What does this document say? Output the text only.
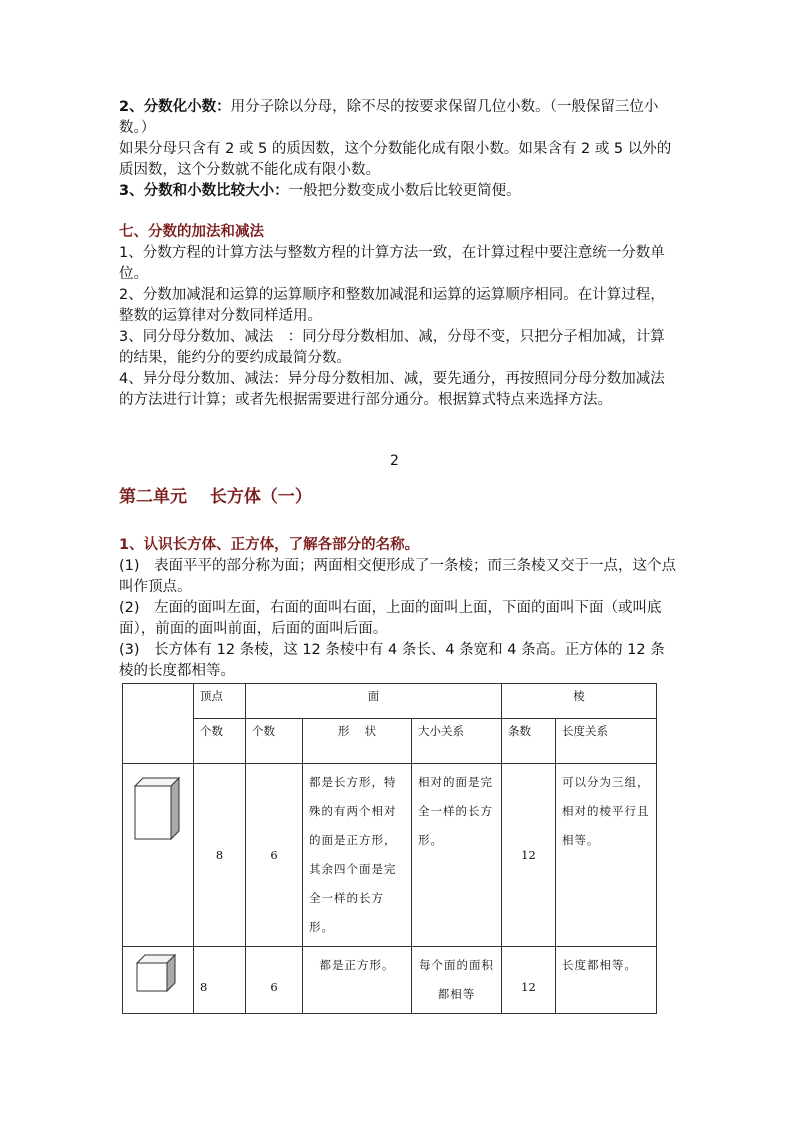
2、分数化小数：用分子除以分母，除不尽的按要求保留几位小数。（一般保留三位小数。）
如果分母只含有 2 或 5 的质因数，这个分数能化成有限小数。如果含有 2 或 5 以外的质因数，这个分数就不能化成有限小数。
3、分数和小数比较大小：一般把分数变成小数后比较更简便。
七、分数的加法和减法
1、分数方程的计算方法与整数方程的计算方法一致，在计算过程中要注意统一分数单位。
2、分数加减混和运算的运算顺序和整数加减混和运算的运算顺序相同。在计算过程，整数的运算律对分数同样适用。
3、同分母分数加、减法　：同分母分数相加、减，分母不变，只把分子相加减，计算的结果，能约分的要约成最简分数。
4、异分母分数加、减法：异分母分数相加、减，要先通分，再按照同分母分数加减法的方法进行计算；或者先根据需要进行部分通分。根据算式特点来选择方法。
2
第二单元　 长方体（一）
1、认识长方体、正方体，了解各部分的名称。
(1)　表面平平的部分称为面；两面相交便形成了一条棱；而三条棱又交于一点，这个点叫作顶点。
(2)　左面的面叫左面，右面的面叫右面，上面的面叫上面，下面的面叫下面（或叫底面），前面的面叫前面，后面的面叫后面。
(3)　长方体有 12 条棱，这 12 条棱中有 4 条长、4 条宽和 4 条高。正方体的 12 条棱的长度都相等。
	顶点	面			棱	
	个数	个数	形　 状	大小关系	条数	长度关系

	8	6	都是长方形，特殊的有两个相对的面是正方形，其余四个面是完全一样的长方形。	相对的面是完全一样的长方形。	12	可以分为三组，相对的棱平行且相等。

	8	6	都是正方形。	每个面的面积都相等	12	长度都相等。
